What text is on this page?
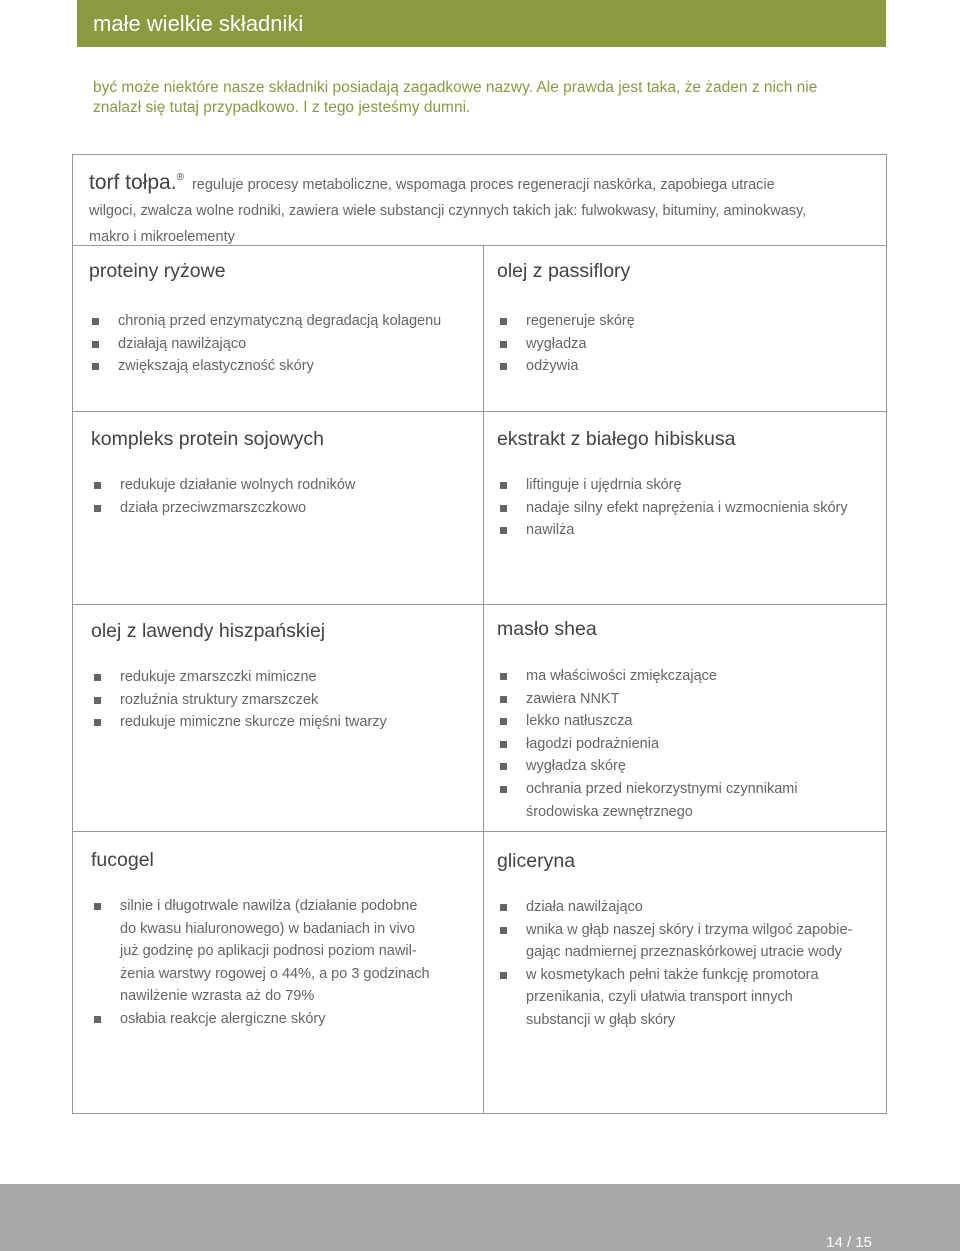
małe wielkie składniki
być może niektóre nasze składniki posiadają zagadkowe nazwy. Ale prawda jest taka, że żaden z nich nie
znalazł się tutaj przypadkowo. I z tego jesteśmy dumni.
torf tołpa.® reguluje procesy metaboliczne, wspomaga proces regeneracji naskórka, zapobiega utracie
wilgoci, zwalcza wolne rodniki, zawiera wiele substancji czynnych takich jak: fulwokwasy, bituminy, aminokwasy,
makro i mikroelementy
proteiny ryżowe
chronią przed enzymatyczną degradacją kolagenu
działają nawilżająco
zwiększają elastyczność skóry
olej z passiflory
regeneruje skórę
wygładza
odżywia
kompleks protein sojowych
redukuje działanie wolnych rodników
działa przeciwzmarszczkowo
ekstrakt z białego hibiskusa
liftinguje i ujędrnia skórę
nadaje silny efekt naprężenia i wzmocnienia skóry
nawilża
olej z lawendy hiszpańskiej
redukuje zmarszczki mimiczne
rozluźnia struktury zmarszczek
redukuje mimiczne skurcze mięśni twarzy
masło shea
ma właściwości zmiękczające
zawiera NNKT
lekko natłuszcza
łagodzi podrażnienia
wygładza skórę
ochrania przed niekorzystnymi czynnikami
środowiska zewnętrznego
fucogel
silnie i długotrwale nawilża (działanie podobne
do kwasu hialuronowego) w badaniach in vivo
już godzinę po aplikacji podnosi poziom nawil-
żenia warstwy rogowej o 44%, a po 3 godzinach
nawilżenie wzrasta aż do 79%
osłabia reakcje alergiczne skóry
gliceryna
działa nawilżająco
wnika w głąb naszej skóry i trzyma wilgoć zapobie-
gając nadmiernej przeznaskórkowej utracie wody
w kosmetykach pełni także funkcję promotora
przenikania, czyli ułatwia transport innych
substancji w głąb skóry
14 / 15
